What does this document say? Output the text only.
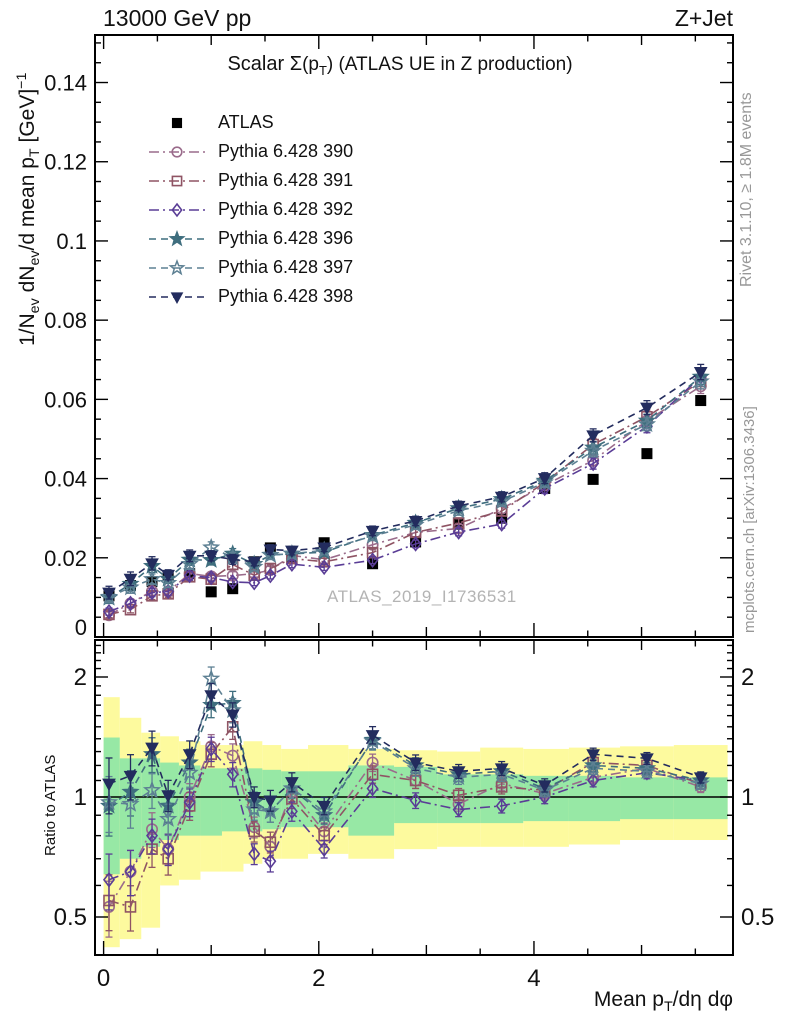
0	2	4
0
0.02
0.04
0.06
0.08
0.1
0.12
0.14
0.5	0.5
1	1
2	2
13000 GeV pp	Z+Jet
Scalar $\Sigma(p_T)$ (ATLAS UE in Z production)
ATLAS
Pythia 6.428 390
Pythia 6.428 391
Pythia 6.428 392
Pythia 6.428 396
Pythia 6.428 397
Pythia 6.428 398
ATLAS_2019_I1736531
$1/N_{ev}$ $dN_{ev}/d$ mean $p_T$ [GeV]$^{-1}$
Ratio to ATLAS
Rivet 3.1.10, ≥ 1.8M events
mcplots.cern.ch [arXiv:1306.3436]
Mean $p_T/d\eta$ dφ
